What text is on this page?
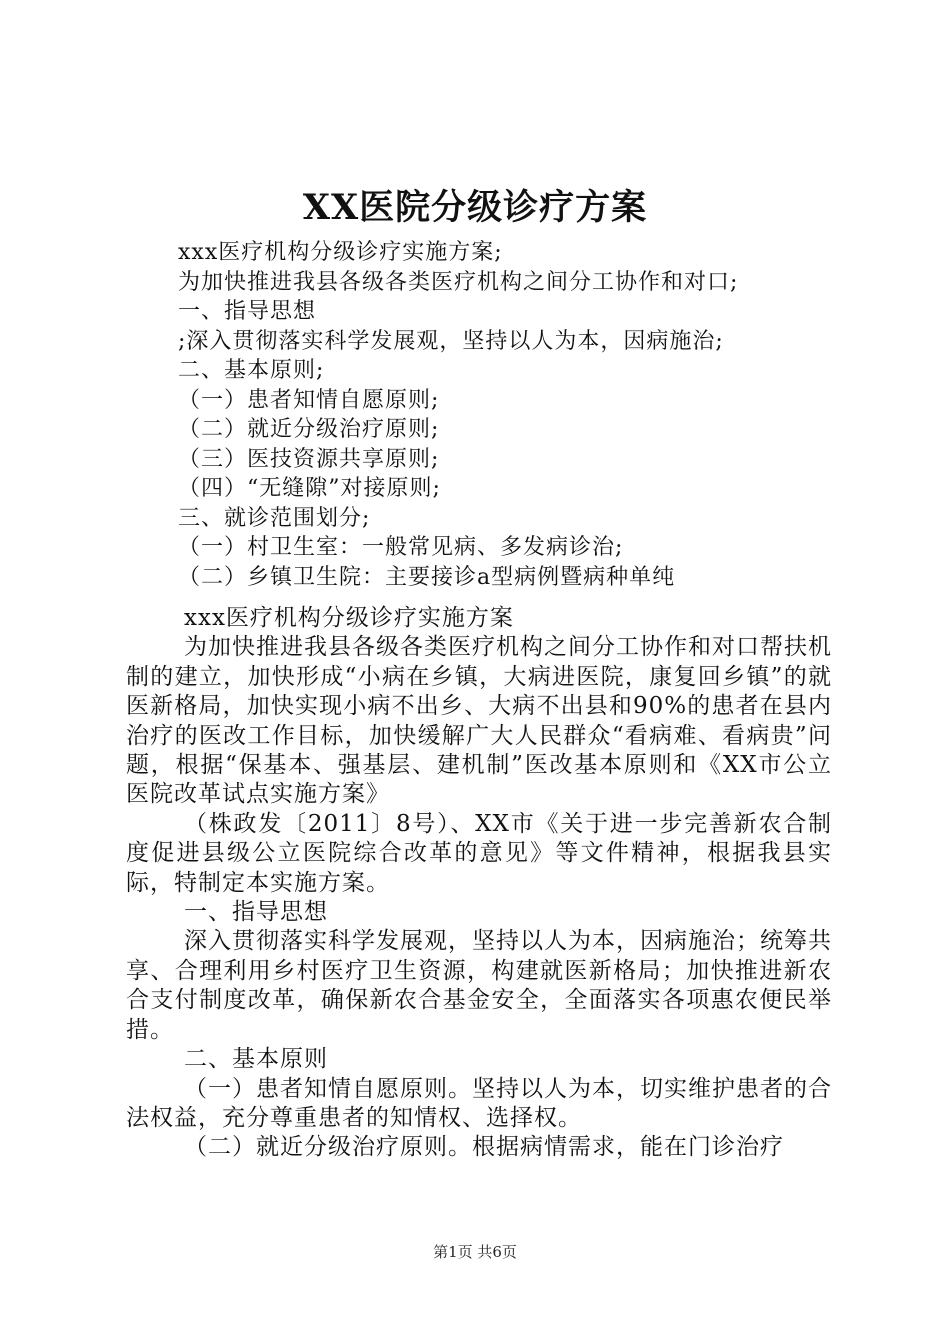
XX医院分级诊疗方案
xxx医疗机构分级诊疗实施方案;
为加快推进我县各级各类医疗机构之间分工协作和对口;
一、指导思想
;深入贯彻落实科学发展观，坚持以人为本，因病施治;
二、基本原则;
（一）患者知情自愿原则;
（二）就近分级治疗原则;
（三）医技资源共享原则;
（四）“无缝隙”对接原则;
三、就诊范围划分;
（一）村卫生室：一般常见病、多发病诊治;
（二）乡镇卫生院：主要接诊a型病例暨病种单纯

xxx医疗机构分级诊疗实施方案

为加快推进我县各级各类医疗机构之间分工协作和对口帮扶机制的建立，加快形成“小病在乡镇，大病进医院，康复回乡镇”的就医新格局，加快实现小病不出乡、大病不出县和90%的患者在县内治疗的医改工作目标，加快缓解广大人民群众“看病难、看病贵”问题，根据“保基本、强基层、建机制”医改基本原则和《XX市公立医院改革试点实施方案》

（株政发〔2011〕8号）、XX市《关于进一步完善新农合制度促进县级公立医院综合改革的意见》等文件精神，根据我县实际，特制定本实施方案。

一、指导思想

深入贯彻落实科学发展观，坚持以人为本，因病施治；统筹共享、合理利用乡村医疗卫生资源，构建就医新格局；加快推进新农合支付制度改革，确保新农合基金安全，全面落实各项惠农便民举措。

二、基本原则

（一）患者知情自愿原则。坚持以人为本，切实维护患者的合法权益，充分尊重患者的知情权、选择权。

（二）就近分级治疗原则。根据病情需求，能在门诊治疗

第1页 共6页
